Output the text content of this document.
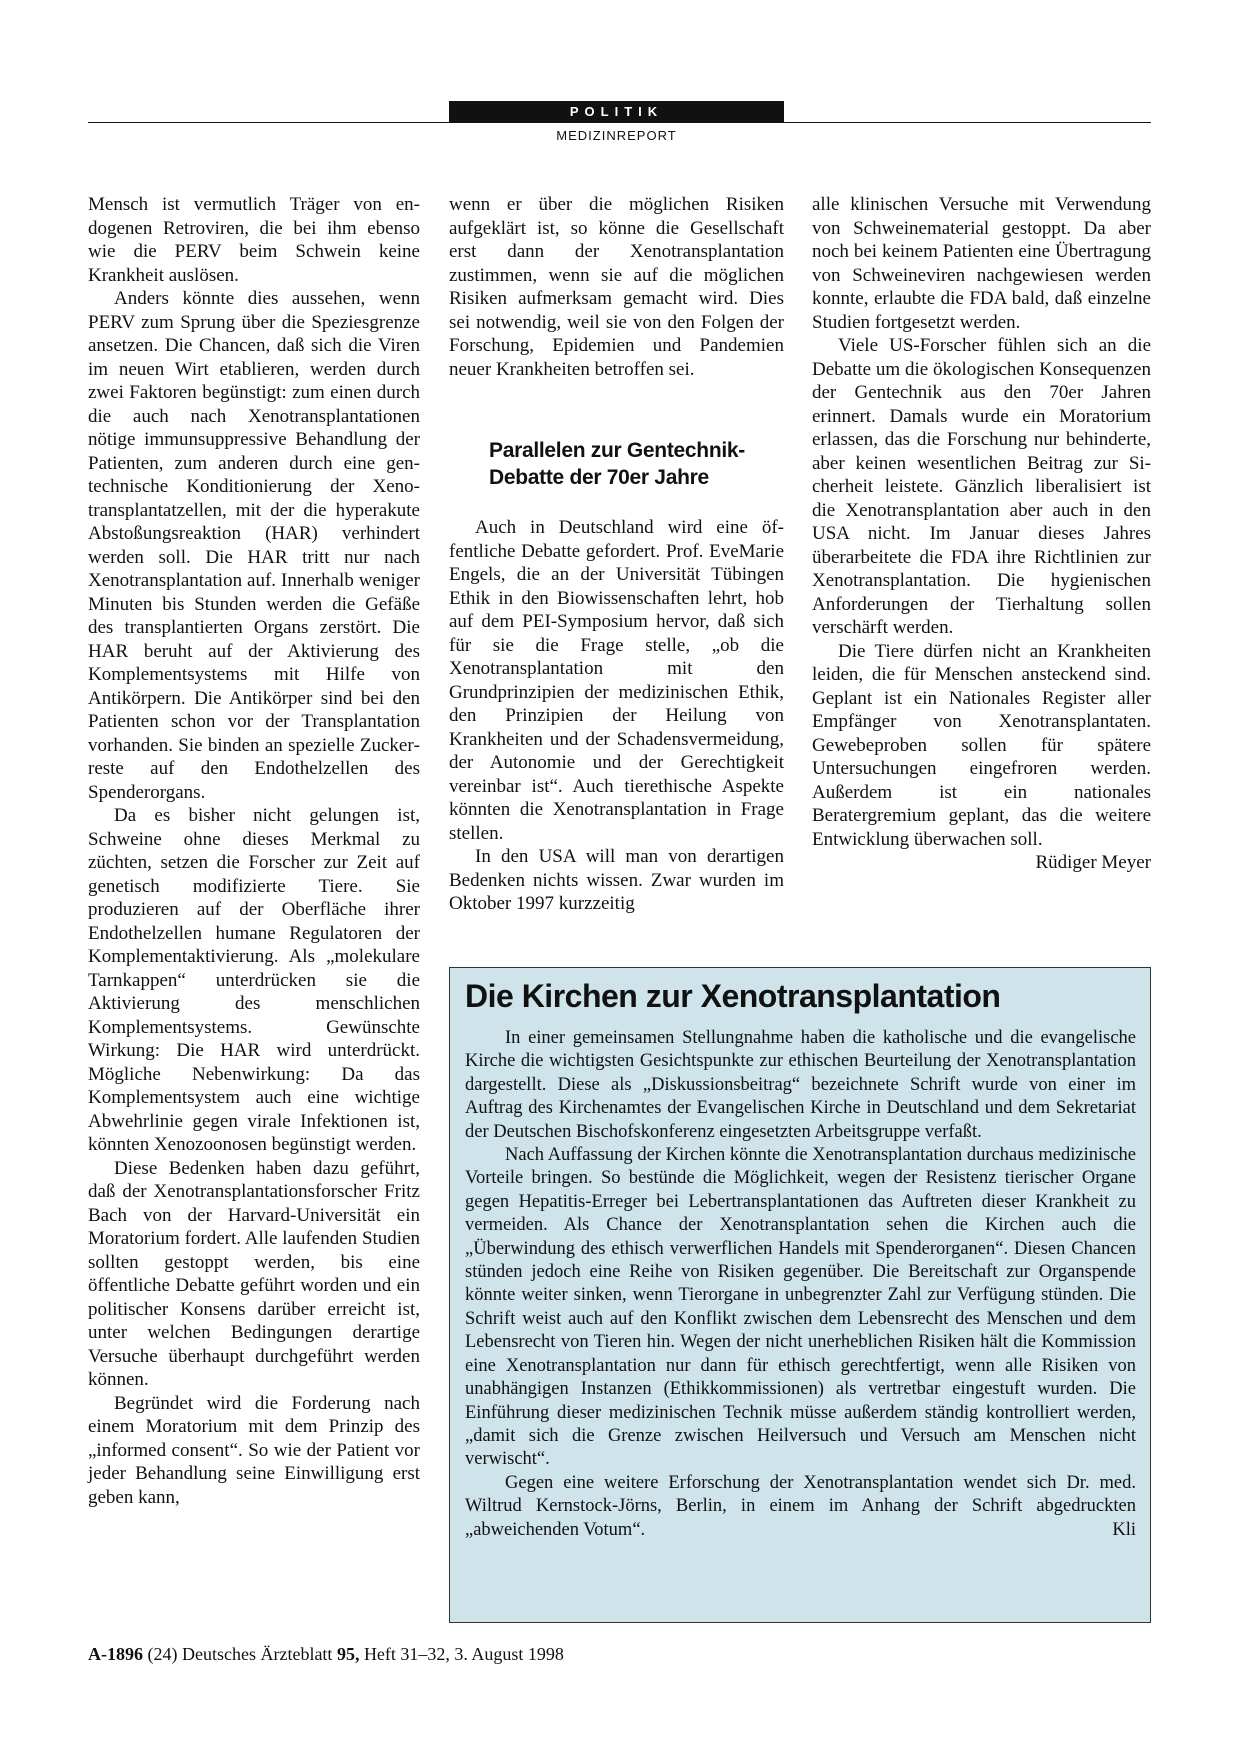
POLITIK
MEDIZINREPORT

Mensch ist vermutlich Träger von endogenen Retroviren, die bei ihm ebenso wie die PERV beim Schwein keine Krankheit auslösen.

Anders könnte dies aussehen, wenn PERV zum Sprung über die Speziesgrenze ansetzen. Die Chancen, daß sich die Viren im neuen Wirt etablieren, werden durch zwei Faktoren begünstigt: zum einen durch die auch nach Xenotransplantationen nötige immunsuppressive Behandlung der Patienten, zum anderen durch eine gentechnische Konditionierung der Xenotransplantatzellen, mit der die hyperakute Abstoßungsreaktion (HAR) verhindert werden soll. Die HAR tritt nur nach Xenotransplantation auf. Innerhalb weniger Minuten bis Stunden werden die Gefäße des transplantierten Organs zerstört. Die HAR beruht auf der Aktivierung des Komplementsystems mit Hilfe von Antikörpern. Die Antikörper sind bei den Patienten schon vor der Transplantation vorhanden. Sie binden an spezielle Zuckerreste auf den Endothelzellen des Spenderorgans.

Da es bisher nicht gelungen ist, Schweine ohne dieses Merkmal zu züchten, setzen die Forscher zur Zeit auf genetisch modifizierte Tiere. Sie produzieren auf der Oberfläche ihrer Endothelzellen humane Regulatoren der Komplementaktivierung. Als „molekulare Tarnkappen“ unterdrücken sie die Aktivierung des menschlichen Komplementsystems. Gewünschte Wirkung: Die HAR wird unterdrückt. Mögliche Nebenwirkung: Da das Komplementsystem auch eine wichtige Abwehrlinie gegen virale Infektionen ist, könnten Xenozoonosen begünstigt werden.

Diese Bedenken haben dazu geführt, daß der Xenotransplantationsforscher Fritz Bach von der Harvard-Universität ein Moratorium fordert. Alle laufenden Studien sollten gestoppt werden, bis eine öffentliche Debatte geführt worden und ein politischer Konsens darüber erreicht ist, unter welchen Bedingungen derartige Versuche überhaupt durchgeführt werden können.

Begründet wird die Forderung nach einem Moratorium mit dem Prinzip des „informed consent“. So wie der Patient vor jeder Behandlung seine Einwilligung erst geben kann,

wenn er über die möglichen Risiken aufgeklärt ist, so könne die Gesellschaft erst dann der Xenotransplantation zustimmen, wenn sie auf die möglichen Risiken aufmerksam gemacht wird. Dies sei notwendig, weil sie von den Folgen der Forschung, Epidemien und Pandemien neuer Krankheiten betroffen sei.

Parallelen zur Gentechnik-Debatte der 70er Jahre

Auch in Deutschland wird eine öffentliche Debatte gefordert. Prof. EveMarie Engels, die an der Universität Tübingen Ethik in den Biowissenschaften lehrt, hob auf dem PEI-Symposium hervor, daß sich für sie die Frage stelle, „ob die Xenotransplantation mit den Grundprinzipien der medizinischen Ethik, den Prinzipien der Heilung von Krankheiten und der Schadensvermeidung, der Autonomie und der Gerechtigkeit vereinbar ist“. Auch tierethische Aspekte könnten die Xenotransplantation in Frage stellen.

In den USA will man von derartigen Bedenken nichts wissen. Zwar wurden im Oktober 1997 kurzzeitig

alle klinischen Versuche mit Verwendung von Schweinematerial gestoppt. Da aber noch bei keinem Patienten eine Übertragung von Schweineviren nachgewiesen werden konnte, erlaubte die FDA bald, daß einzelne Studien fortgesetzt werden.

Viele US-Forscher fühlen sich an die Debatte um die ökologischen Konsequenzen der Gentechnik aus den 70er Jahren erinnert. Damals wurde ein Moratorium erlassen, das die Forschung nur behinderte, aber keinen wesentlichen Beitrag zur Sicherheit leistete. Gänzlich liberalisiert ist die Xenotransplantation aber auch in den USA nicht. Im Januar dieses Jahres überarbeitete die FDA ihre Richtlinien zur Xenotransplantation. Die hygienischen Anforderungen der Tierhaltung sollen verschärft werden.

Die Tiere dürfen nicht an Krankheiten leiden, die für Menschen ansteckend sind. Geplant ist ein Nationales Register aller Empfänger von Xenotransplantaten. Gewebeproben sollen für spätere Untersuchungen eingefroren werden. Außerdem ist ein nationales Beratergremium geplant, das die weitere Entwicklung überwachen soll.
Rüdiger Meyer

Die Kirchen zur Xenotransplantation

In einer gemeinsamen Stellungnahme haben die katholische und die evangelische Kirche die wichtigsten Gesichtspunkte zur ethischen Beurteilung der Xenotransplantation dargestellt. Diese als „Diskussionsbeitrag“ bezeichnete Schrift wurde von einer im Auftrag des Kirchenamtes der Evangelischen Kirche in Deutschland und dem Sekretariat der Deutschen Bischofskonferenz eingesetzten Arbeitsgruppe verfaßt.

Nach Auffassung der Kirchen könnte die Xenotransplantation durchaus medizinische Vorteile bringen. So bestünde die Möglichkeit, wegen der Resistenz tierischer Organe gegen Hepatitis-Erreger bei Lebertransplantationen das Auftreten dieser Krankheit zu vermeiden. Als Chance der Xenotransplantation sehen die Kirchen auch die „Überwindung des ethisch verwerflichen Handels mit Spenderorganen“. Diesen Chancen stünden jedoch eine Reihe von Risiken gegenüber. Die Bereitschaft zur Organspende könnte weiter sinken, wenn Tierorgane in unbegrenzter Zahl zur Verfügung stünden. Die Schrift weist auch auf den Konflikt zwischen dem Lebensrecht des Menschen und dem Lebensrecht von Tieren hin. Wegen der nicht unerheblichen Risiken hält die Kommission eine Xenotransplantation nur dann für ethisch gerechtfertigt, wenn alle Risiken von unabhängigen Instanzen (Ethikkommissionen) als vertretbar eingestuft wurden. Die Einführung dieser medizinischen Technik müsse außerdem ständig kontrolliert werden, „damit sich die Grenze zwischen Heilversuch und Versuch am Menschen nicht verwischt“.

Gegen eine weitere Erforschung der Xenotransplantation wendet sich Dr. med. Wiltrud Kernstock-Jörns, Berlin, in einem im Anhang der Schrift abgedruckten „abweichenden Votum“.	Kli

A-1896 (24) Deutsches Ärzteblatt 95, Heft 31–32, 3. August 1998
